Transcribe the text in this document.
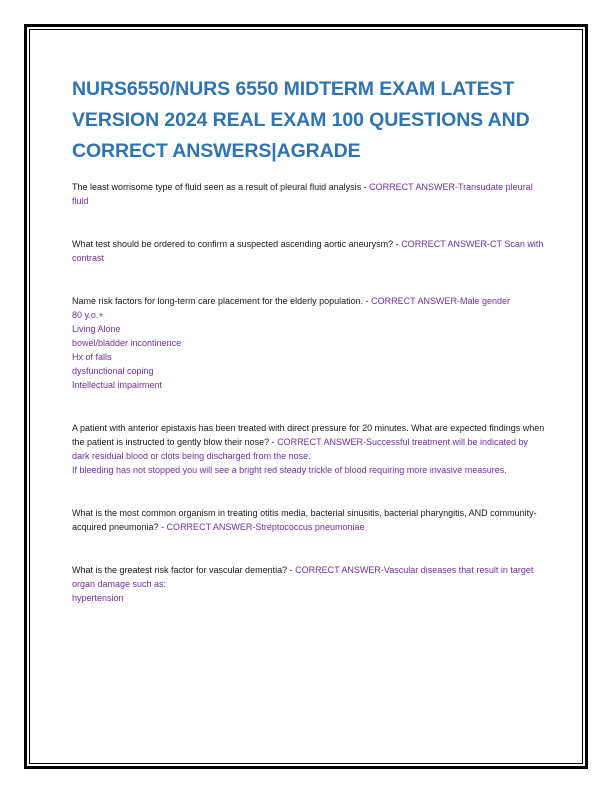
NURS6550/NURS 6550 MIDTERM EXAM LATEST VERSION 2024 REAL EXAM 100 QUESTIONS AND CORRECT ANSWERS|AGRADE

The least worrisome type of fluid seen as a result of pleural fluid analysis - CORRECT ANSWER-Transudate pleural fluid

What test should be ordered to confirm a suspected ascending aortic aneurysm? - CORRECT ANSWER-CT Scan with contrast

Name risk factors for long-term care placement for the elderly population. - CORRECT ANSWER-Male gender

80 y.o.+

Living Alone

bowel/bladder incontinence

Hx of falls

dysfunctional coping

Intellectual impairment

A patient with anterior epistaxis has been treated with direct pressure for 20 minutes. What are expected findings when the patient is instructed to gently blow their nose? - CORRECT ANSWER-Successful treatment will be indicated by dark residual blood or clots being discharged from the nose.

If bleeding has not stopped you will see a bright red steady trickle of blood requiring more invasive measures.

What is the most common organism in treating otitis media, bacterial sinusitis, bacterial pharyngitis, AND community-acquired pneumonia? - CORRECT ANSWER-Streptococcus pneumoniae

What is the greatest risk factor for vascular dementia? - CORRECT ANSWER-Vascular diseases that result in target organ damage such as:

hypertension
